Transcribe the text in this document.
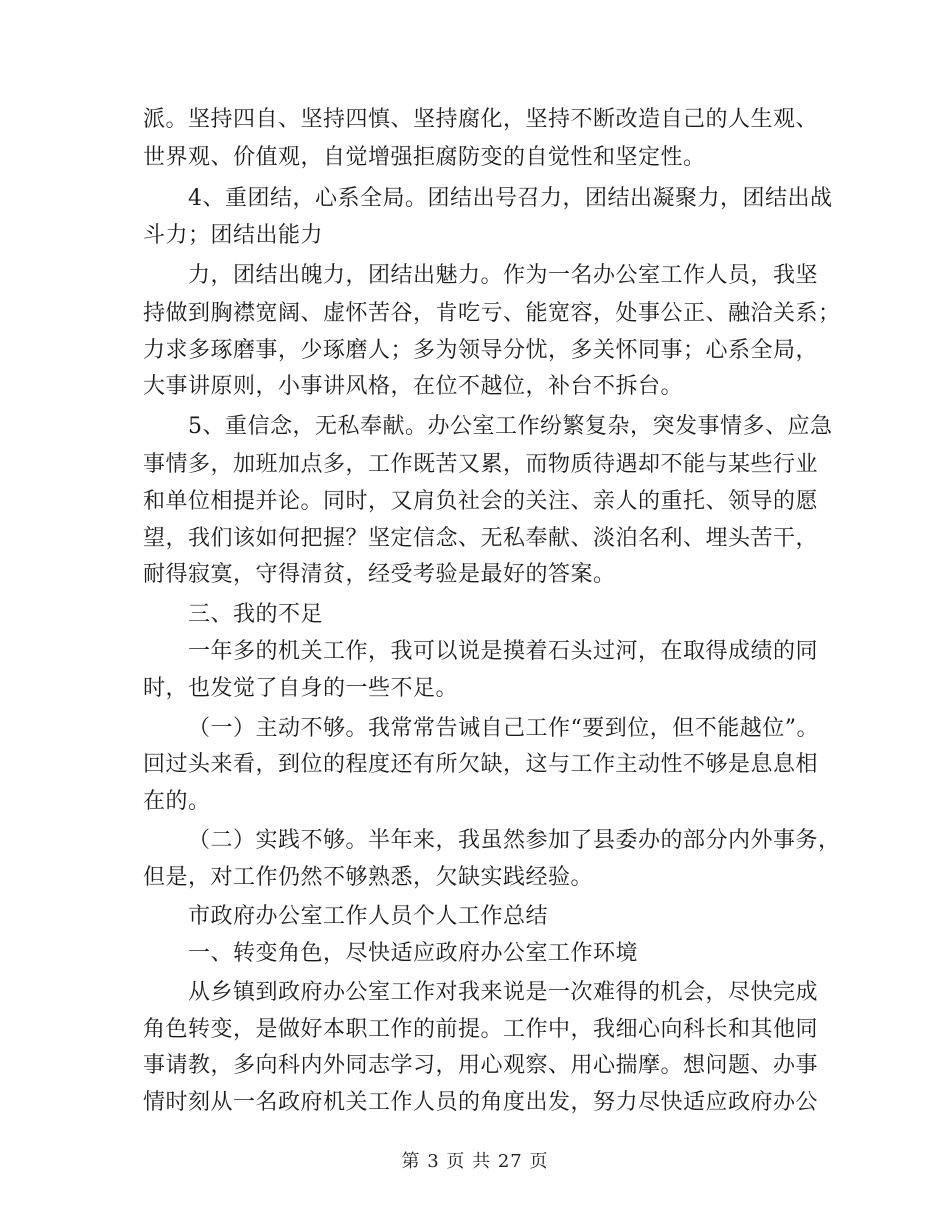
派。坚持四自、坚持四慎、坚持腐化，坚持不断改造自己的人生观、
世界观、价值观，自觉增强拒腐防变的自觉性和坚定性。
4、重团结，心系全局。团结出号召力，团结出凝聚力，团结出战
斗力；团结出能力
力，团结出魄力，团结出魅力。作为一名办公室工作人员，我坚
持做到胸襟宽阔、虚怀苦谷，肯吃亏、能宽容，处事公正、融洽关系；
力求多琢磨事，少琢磨人；多为领导分忧，多关怀同事；心系全局，
大事讲原则，小事讲风格，在位不越位，补台不拆台。
5、重信念，无私奉献。办公室工作纷繁复杂，突发事情多、应急
事情多，加班加点多，工作既苦又累，而物质待遇却不能与某些行业
和单位相提并论。同时，又肩负社会的关注、亲人的重托、领导的愿
望，我们该如何把握？坚定信念、无私奉献、淡泊名利、埋头苦干，
耐得寂寞，守得清贫，经受考验是最好的答案。
三、我的不足
一年多的机关工作，我可以说是摸着石头过河，在取得成绩的同
时，也发觉了自身的一些不足。
（一）主动不够。我常常告诫自己工作“要到位，但不能越位”。
回过头来看，到位的程度还有所欠缺，这与工作主动性不够是息息相
在的。
（二）实践不够。半年来，我虽然参加了县委办的部分内外事务，
但是，对工作仍然不够熟悉，欠缺实践经验。
市政府办公室工作人员个人工作总结
一、转变角色，尽快适应政府办公室工作环境
从乡镇到政府办公室工作对我来说是一次难得的机会，尽快完成
角色转变，是做好本职工作的前提。工作中，我细心向科长和其他同
事请教，多向科内外同志学习，用心观察、用心揣摩。想问题、办事
情时刻从一名政府机关工作人员的角度出发，努力尽快适应政府办公
第 3 页 共 27 页
